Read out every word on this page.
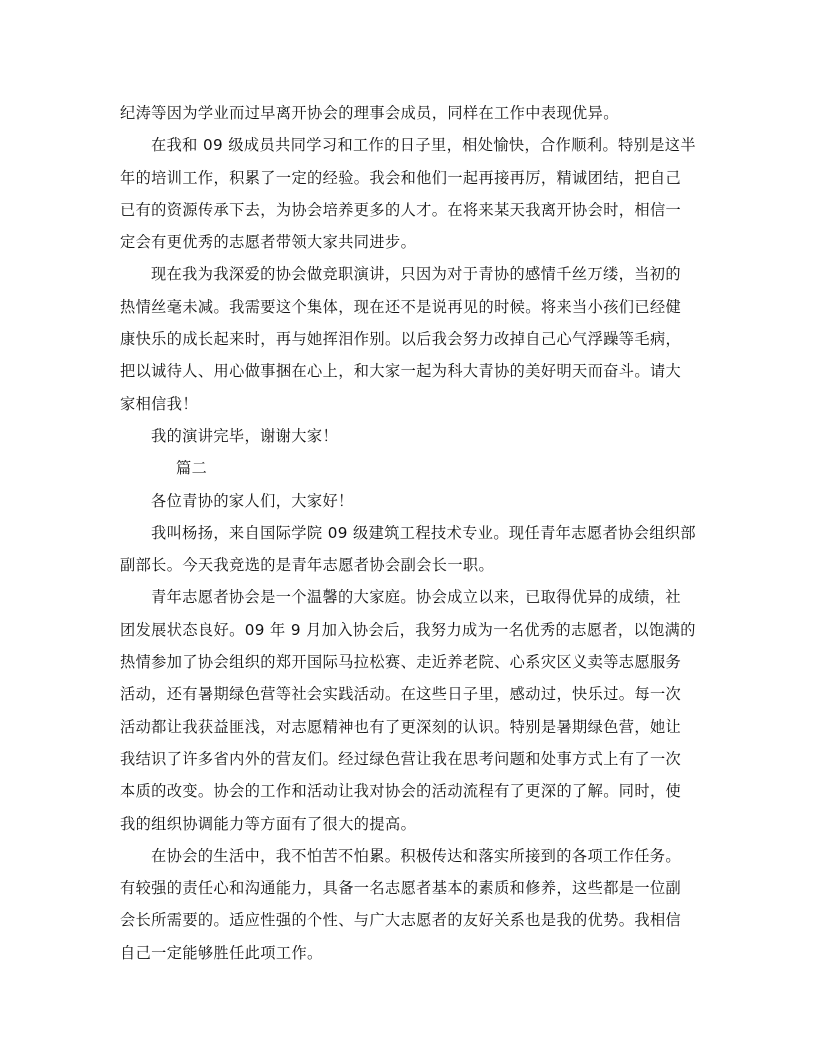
纪涛等因为学业而过早离开协会的理事会成员，同样在工作中表现优异。
在我和 09 级成员共同学习和工作的日子里，相处愉快，合作顺利。特别是这半
年的培训工作，积累了一定的经验。我会和他们一起再接再厉，精诚团结，把自己
已有的资源传承下去，为协会培养更多的人才。在将来某天我离开协会时，相信一
定会有更优秀的志愿者带领大家共同进步。
现在我为我深爱的协会做竞职演讲，只因为对于青协的感情千丝万缕，当初的
热情丝毫未减。我需要这个集体，现在还不是说再见的时候。将来当小孩们已经健
康快乐的成长起来时，再与她挥泪作别。以后我会努力改掉自己心气浮躁等毛病，
把以诚待人、用心做事捆在心上，和大家一起为科大青协的美好明天而奋斗。请大
家相信我！
我的演讲完毕，谢谢大家！
篇二
各位青协的家人们，大家好！
我叫杨扬，来自国际学院 09 级建筑工程技术专业。现任青年志愿者协会组织部
副部长。今天我竞选的是青年志愿者协会副会长一职。
青年志愿者协会是一个温馨的大家庭。协会成立以来，已取得优异的成绩，社
团发展状态良好。09 年 9 月加入协会后，我努力成为一名优秀的志愿者，以饱满的
热情参加了协会组织的郑开国际马拉松赛、走近养老院、心系灾区义卖等志愿服务
活动，还有暑期绿色营等社会实践活动。在这些日子里，感动过，快乐过。每一次
活动都让我获益匪浅，对志愿精神也有了更深刻的认识。特别是暑期绿色营，她让
我结识了许多省内外的营友们。经过绿色营让我在思考问题和处事方式上有了一次
本质的改变。协会的工作和活动让我对协会的活动流程有了更深的了解。同时，使
我的组织协调能力等方面有了很大的提高。
在协会的生活中，我不怕苦不怕累。积极传达和落实所接到的各项工作任务。
有较强的责任心和沟通能力，具备一名志愿者基本的素质和修养，这些都是一位副
会长所需要的。适应性强的个性、与广大志愿者的友好关系也是我的优势。我相信
自己一定能够胜任此项工作。
